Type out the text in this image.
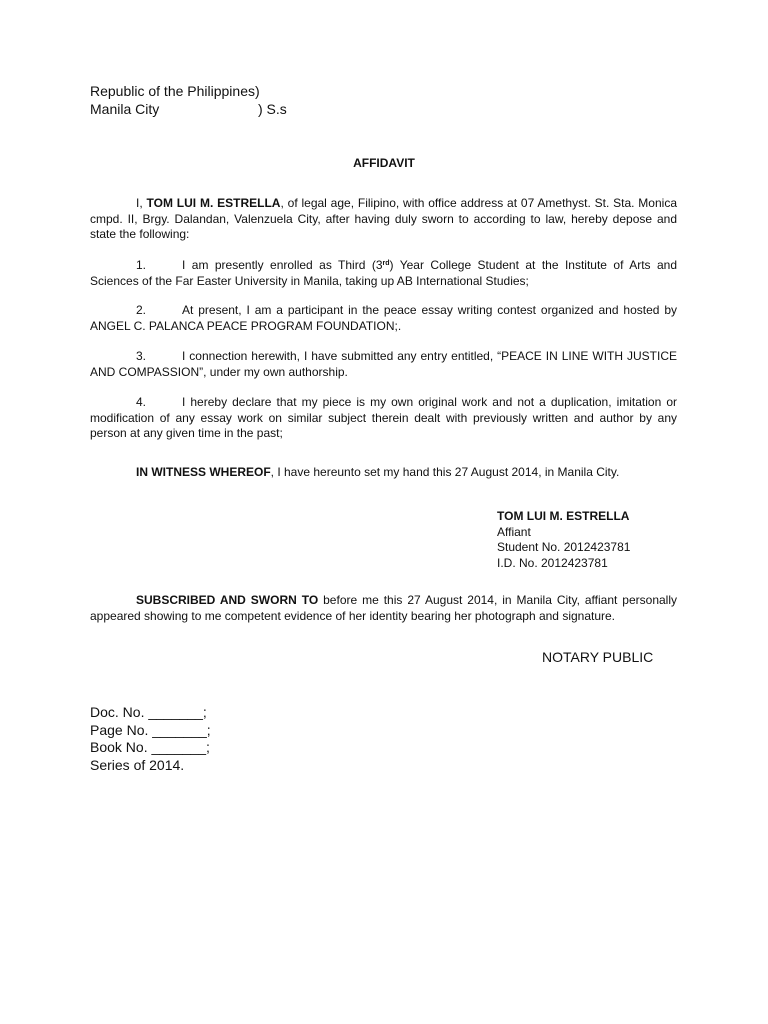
Republic of the Philippines)
Manila City	) S.s
AFFIDAVIT
I, TOM LUI M. ESTRELLA, of legal age, Filipino, with office address at 07 Amethyst. St. Sta. Monica cmpd. II, Brgy. Dalandan, Valenzuela City, after having duly sworn to according to law, hereby depose and state the following:
1.	I am presently enrolled as Third (3rd) Year College Student at the Institute of Arts and Sciences of the Far Easter University in Manila, taking up AB International Studies;
2.	At present, I am a participant in the peace essay writing contest organized and hosted by ANGEL C. PALANCA PEACE PROGRAM FOUNDATION;.
3.	I connection herewith, I have submitted any entry entitled, “PEACE IN LINE WITH JUSTICE AND COMPASSION”, under my own authorship.
4.	I hereby declare that my piece is my own original work and not a duplication, imitation or modification of any essay work on similar subject therein dealt with previously written and author by any person at any given time in the past;
IN WITNESS WHEREOF, I have hereunto set my hand this 27 August 2014, in Manila City.
TOM LUI M. ESTRELLA
Affiant
Student No. 2012423781
I.D. No. 2012423781
SUBSCRIBED AND SWORN TO before me this 27 August 2014, in Manila City, affiant personally appeared showing to me competent evidence of her identity bearing her photograph and signature.
NOTARY PUBLIC
Doc. No. _______;
Page No. _______;
Book No. _______;
Series of 2014.
